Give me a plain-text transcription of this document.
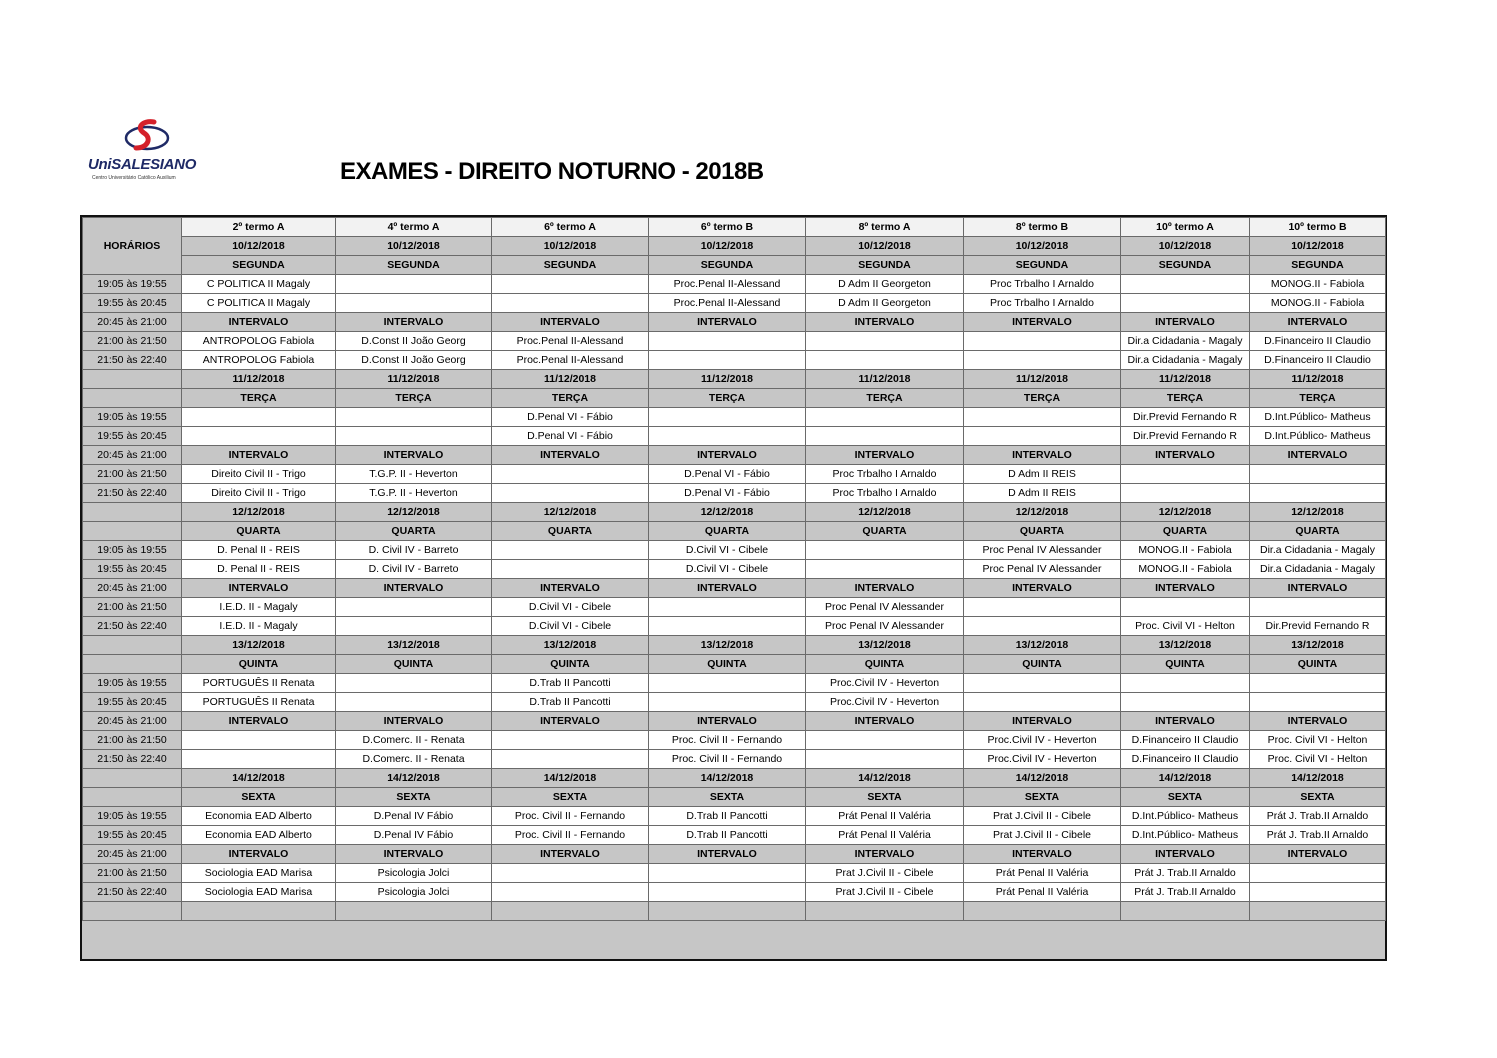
UniSALESIANO
Centro Universitário Católico Auxilium	EXAMES - DIREITO NOTURNO - 2018B
HORÁRIOS	2º termo A	4º termo A	6º termo A	6º termo B	8º termo A	8º termo B	10º termo A	10º termo B
	10/12/2018	10/12/2018	10/12/2018	10/12/2018	10/12/2018	10/12/2018	10/12/2018	10/12/2018
	SEGUNDA	SEGUNDA	SEGUNDA	SEGUNDA	SEGUNDA	SEGUNDA	SEGUNDA	SEGUNDA
19:05 às 19:55	C POLITICA II Magaly			Proc.Penal II-Alessand	D Adm II Georgeton	Proc Trbalho I Arnaldo		MONOG.II - Fabiola
19:55 às 20:45	C POLITICA II Magaly			Proc.Penal II-Alessand	D Adm II Georgeton	Proc Trbalho I Arnaldo		MONOG.II - Fabiola
20:45 às 21:00	INTERVALO	INTERVALO	INTERVALO	INTERVALO	INTERVALO	INTERVALO	INTERVALO	INTERVALO
21:00 às 21:50	ANTROPOLOG Fabiola	D.Const II João Georg	Proc.Penal II-Alessand				Dir.a Cidadania - Magaly	D.Financeiro II Claudio
21:50 às 22:40	ANTROPOLOG Fabiola	D.Const II João Georg	Proc.Penal II-Alessand				Dir.a Cidadania - Magaly	D.Financeiro II Claudio
	11/12/2018	11/12/2018	11/12/2018	11/12/2018	11/12/2018	11/12/2018	11/12/2018	11/12/2018
	TERÇA	TERÇA	TERÇA	TERÇA	TERÇA	TERÇA	TERÇA	TERÇA
19:05 às 19:55			D.Penal VI - Fábio				Dir.Previd Fernando R	D.Int.Público- Matheus
19:55 às 20:45			D.Penal VI - Fábio				Dir.Previd Fernando R	D.Int.Público- Matheus
20:45 às 21:00	INTERVALO	INTERVALO	INTERVALO	INTERVALO	INTERVALO	INTERVALO	INTERVALO	INTERVALO
21:00 às 21:50	Direito Civil II - Trigo	T.G.P. II - Heverton		D.Penal VI - Fábio	Proc Trbalho I Arnaldo	D Adm II REIS		
21:50 às 22:40	Direito Civil II - Trigo	T.G.P. II - Heverton		D.Penal VI - Fábio	Proc Trbalho I Arnaldo	D Adm II REIS		
	12/12/2018	12/12/2018	12/12/2018	12/12/2018	12/12/2018	12/12/2018	12/12/2018	12/12/2018
	QUARTA	QUARTA	QUARTA	QUARTA	QUARTA	QUARTA	QUARTA	QUARTA
19:05 às 19:55	D. Penal II - REIS	D. Civil IV - Barreto		D.Civil VI - Cibele		Proc Penal IV Alessander	MONOG.II - Fabiola	Dir.a Cidadania - Magaly
19:55 às 20:45	D. Penal II - REIS	D. Civil IV - Barreto		D.Civil VI - Cibele		Proc Penal IV Alessander	MONOG.II - Fabiola	Dir.a Cidadania - Magaly
20:45 às 21:00	INTERVALO	INTERVALO	INTERVALO	INTERVALO	INTERVALO	INTERVALO	INTERVALO	INTERVALO
21:00 às 21:50	I.E.D. II - Magaly		D.Civil VI - Cibele		Proc Penal IV Alessander			
21:50 às 22:40	I.E.D. II - Magaly		D.Civil VI - Cibele		Proc Penal IV Alessander		Proc. Civil VI - Helton	Dir.Previd Fernando R
	13/12/2018	13/12/2018	13/12/2018	13/12/2018	13/12/2018	13/12/2018	13/12/2018	13/12/2018
	QUINTA	QUINTA	QUINTA	QUINTA	QUINTA	QUINTA	QUINTA	QUINTA
19:05 às 19:55	PORTUGUÊS II Renata		D.Trab II Pancotti		Proc.Civil IV - Heverton			
19:55 às 20:45	PORTUGUÊS II Renata		D.Trab II Pancotti		Proc.Civil IV - Heverton			
20:45 às 21:00	INTERVALO	INTERVALO	INTERVALO	INTERVALO	INTERVALO	INTERVALO	INTERVALO	INTERVALO
21:00 às 21:50		D.Comerc. II - Renata		Proc. Civil II - Fernando		Proc.Civil IV - Heverton	D.Financeiro II Claudio	Proc. Civil VI - Helton
21:50 às 22:40		D.Comerc. II - Renata		Proc. Civil II - Fernando		Proc.Civil IV - Heverton	D.Financeiro II Claudio	Proc. Civil VI - Helton
	14/12/2018	14/12/2018	14/12/2018	14/12/2018	14/12/2018	14/12/2018	14/12/2018	14/12/2018
	SEXTA	SEXTA	SEXTA	SEXTA	SEXTA	SEXTA	SEXTA	SEXTA
19:05 às 19:55	Economia EAD Alberto	D.Penal IV Fábio	Proc. Civil II - Fernando	D.Trab II Pancotti	Prát Penal II Valéria	Prat J.Civil II - Cibele	D.Int.Público- Matheus	Prát J. Trab.II Arnaldo
19:55 às 20:45	Economia EAD Alberto	D.Penal IV Fábio	Proc. Civil II - Fernando	D.Trab II Pancotti	Prát Penal II Valéria	Prat J.Civil II - Cibele	D.Int.Público- Matheus	Prát J. Trab.II Arnaldo
20:45 às 21:00	INTERVALO	INTERVALO	INTERVALO	INTERVALO	INTERVALO	INTERVALO	INTERVALO	INTERVALO
21:00 às 21:50	Sociologia EAD Marisa	Psicologia Jolci			Prat J.Civil II - Cibele	Prát Penal II Valéria	Prát J. Trab.II Arnaldo	
21:50 às 22:40	Sociologia EAD Marisa	Psicologia Jolci			Prat J.Civil II - Cibele	Prát Penal II Valéria	Prát J. Trab.II Arnaldo	
